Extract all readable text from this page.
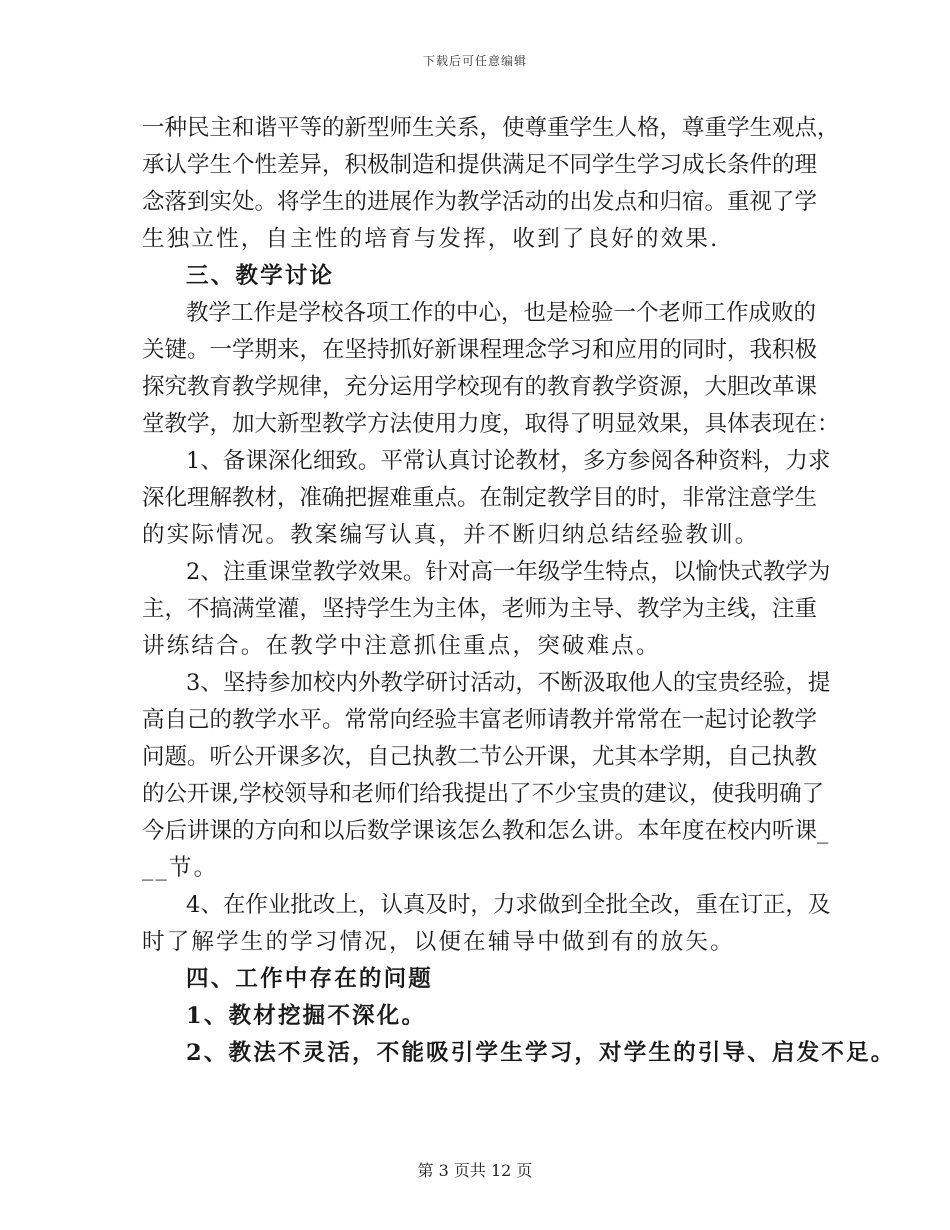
下载后可任意编辑
一种民主和谐平等的新型师生关系，使尊重学生人格，尊重学生观点，
承认学生个性差异，积极制造和提供满足不同学生学习成长条件的理
念落到实处。将学生的进展作为教学活动的出发点和归宿。重视了学
生独立性，自主性的培育与发挥，收到了良好的效果.
三、教学讨论
教学工作是学校各项工作的中心，也是检验一个老师工作成败的
关键。一学期来，在坚持抓好新课程理念学习和应用的同时，我积极
探究教育教学规律，充分运用学校现有的教育教学资源，大胆改革课
堂教学，加大新型教学方法使用力度，取得了明显效果，具体表现在：
1、备课深化细致。平常认真讨论教材，多方参阅各种资料，力求
深化理解教材，准确把握难重点。在制定教学目的时，非常注意学生
的实际情况。教案编写认真，并不断归纳总结经验教训。
2、注重课堂教学效果。针对高一年级学生特点，以愉快式教学为
主，不搞满堂灌，坚持学生为主体，老师为主导、教学为主线，注重
讲练结合。在教学中注意抓住重点，突破难点。
3、坚持参加校内外教学研讨活动，不断汲取他人的宝贵经验，提
高自己的教学水平。常常向经验丰富老师请教并常常在一起讨论教学
问题。听公开课多次，自己执教二节公开课，尤其本学期，自己执教
的公开课,学校领导和老师们给我提出了不少宝贵的建议，使我明确了
今后讲课的方向和以后数学课该怎么教和怎么讲。本年度在校内听课_
__节。
4、在作业批改上，认真及时，力求做到全批全改，重在订正，及
时了解学生的学习情况，以便在辅导中做到有的放矢。
四、工作中存在的问题
1、教材挖掘不深化。
2、教法不灵活，不能吸引学生学习，对学生的引导、启发不足。
第 3 页共 12 页
